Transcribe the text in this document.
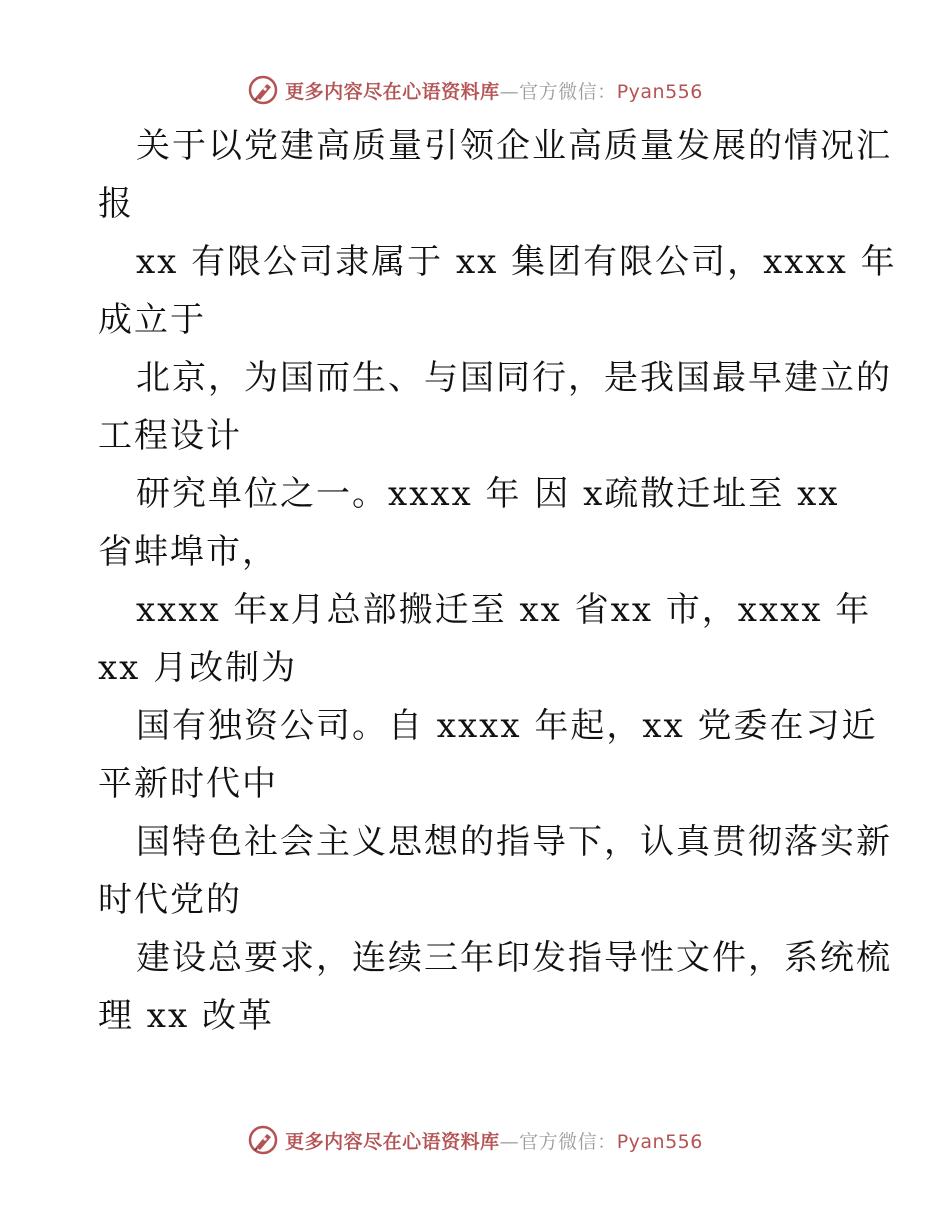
更多内容尽在心语资料库—官方微信：Pyan556
关于以党建高质量引领企业高质量发展的情况汇
报
xx 有限公司隶属于 xx 集团有限公司，xxxx 年
成立于
北京，为国而生、与国同行，是我国最早建立的
工程设计
研究单位之一。xxxx 年 因 x疏散迁址至 xx
省蚌埠市，
xxxx 年x月总部搬迁至 xx 省xx 市，xxxx 年
xx 月改制为
国有独资公司。自 xxxx 年起，xx 党委在习近
平新时代中
国特色社会主义思想的指导下，认真贯彻落实新
时代党的
建设总要求，连续三年印发指导性文件，系统梳
理 xx 改革
更多内容尽在心语资料库—官方微信：Pyan556
